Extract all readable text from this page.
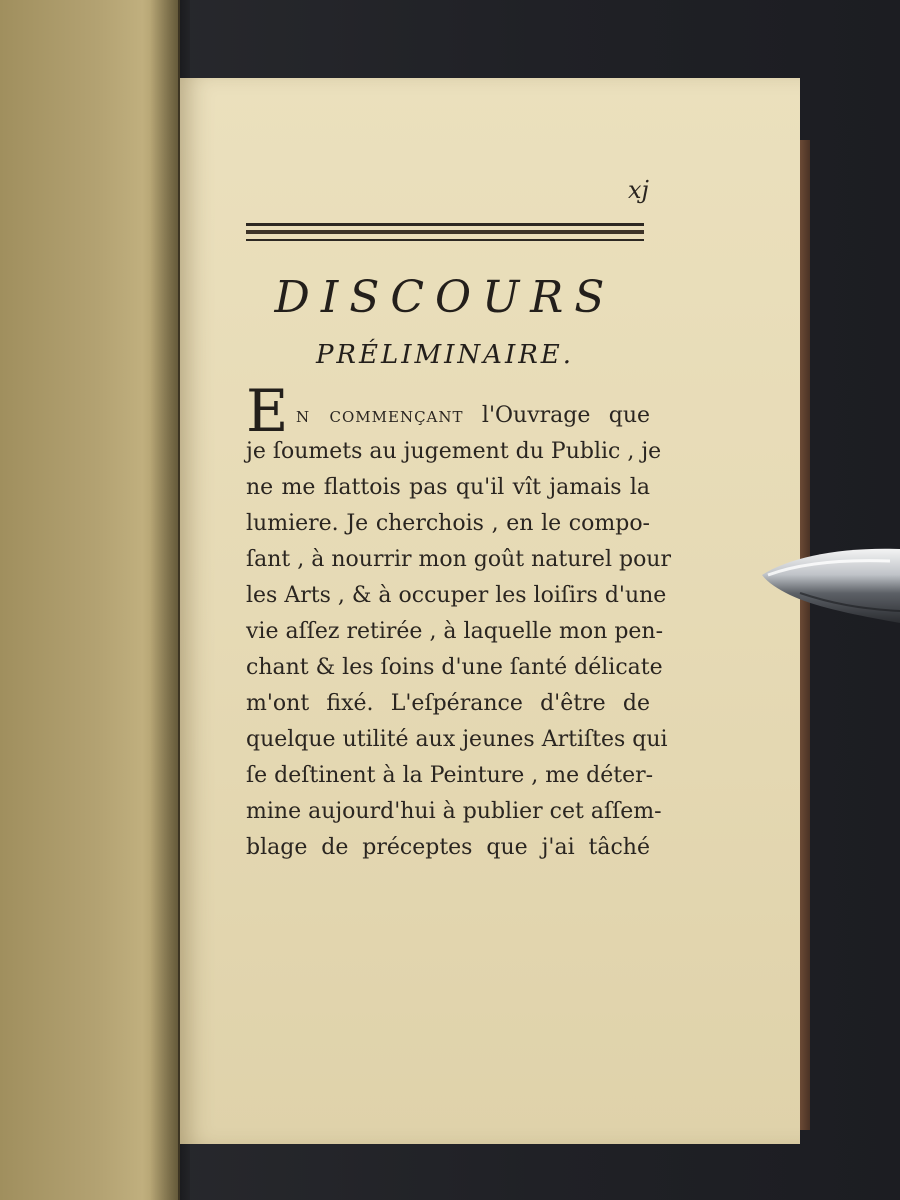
xj
DISCOURS
PRÉLIMINAIRE.
E n commençant l'Ouvrage que
je ſoumets au jugement du Public , je
ne me flattois pas qu'il vît jamais la
lumiere. Je cherchois , en le compo-
ſant , à nourrir mon goût naturel pour
les Arts , & à occuper les loiſirs d'une
vie aſſez retirée , à laquelle mon pen-
chant & les ſoins d'une ſanté délicate
m'ont fixé. L'eſpérance d'être de
quelque utilité aux jeunes Artiſtes qui
ſe deſtinent à la Peinture , me déter-
mine aujourd'hui à publier cet aſſem-
blage de préceptes que j'ai tâché
